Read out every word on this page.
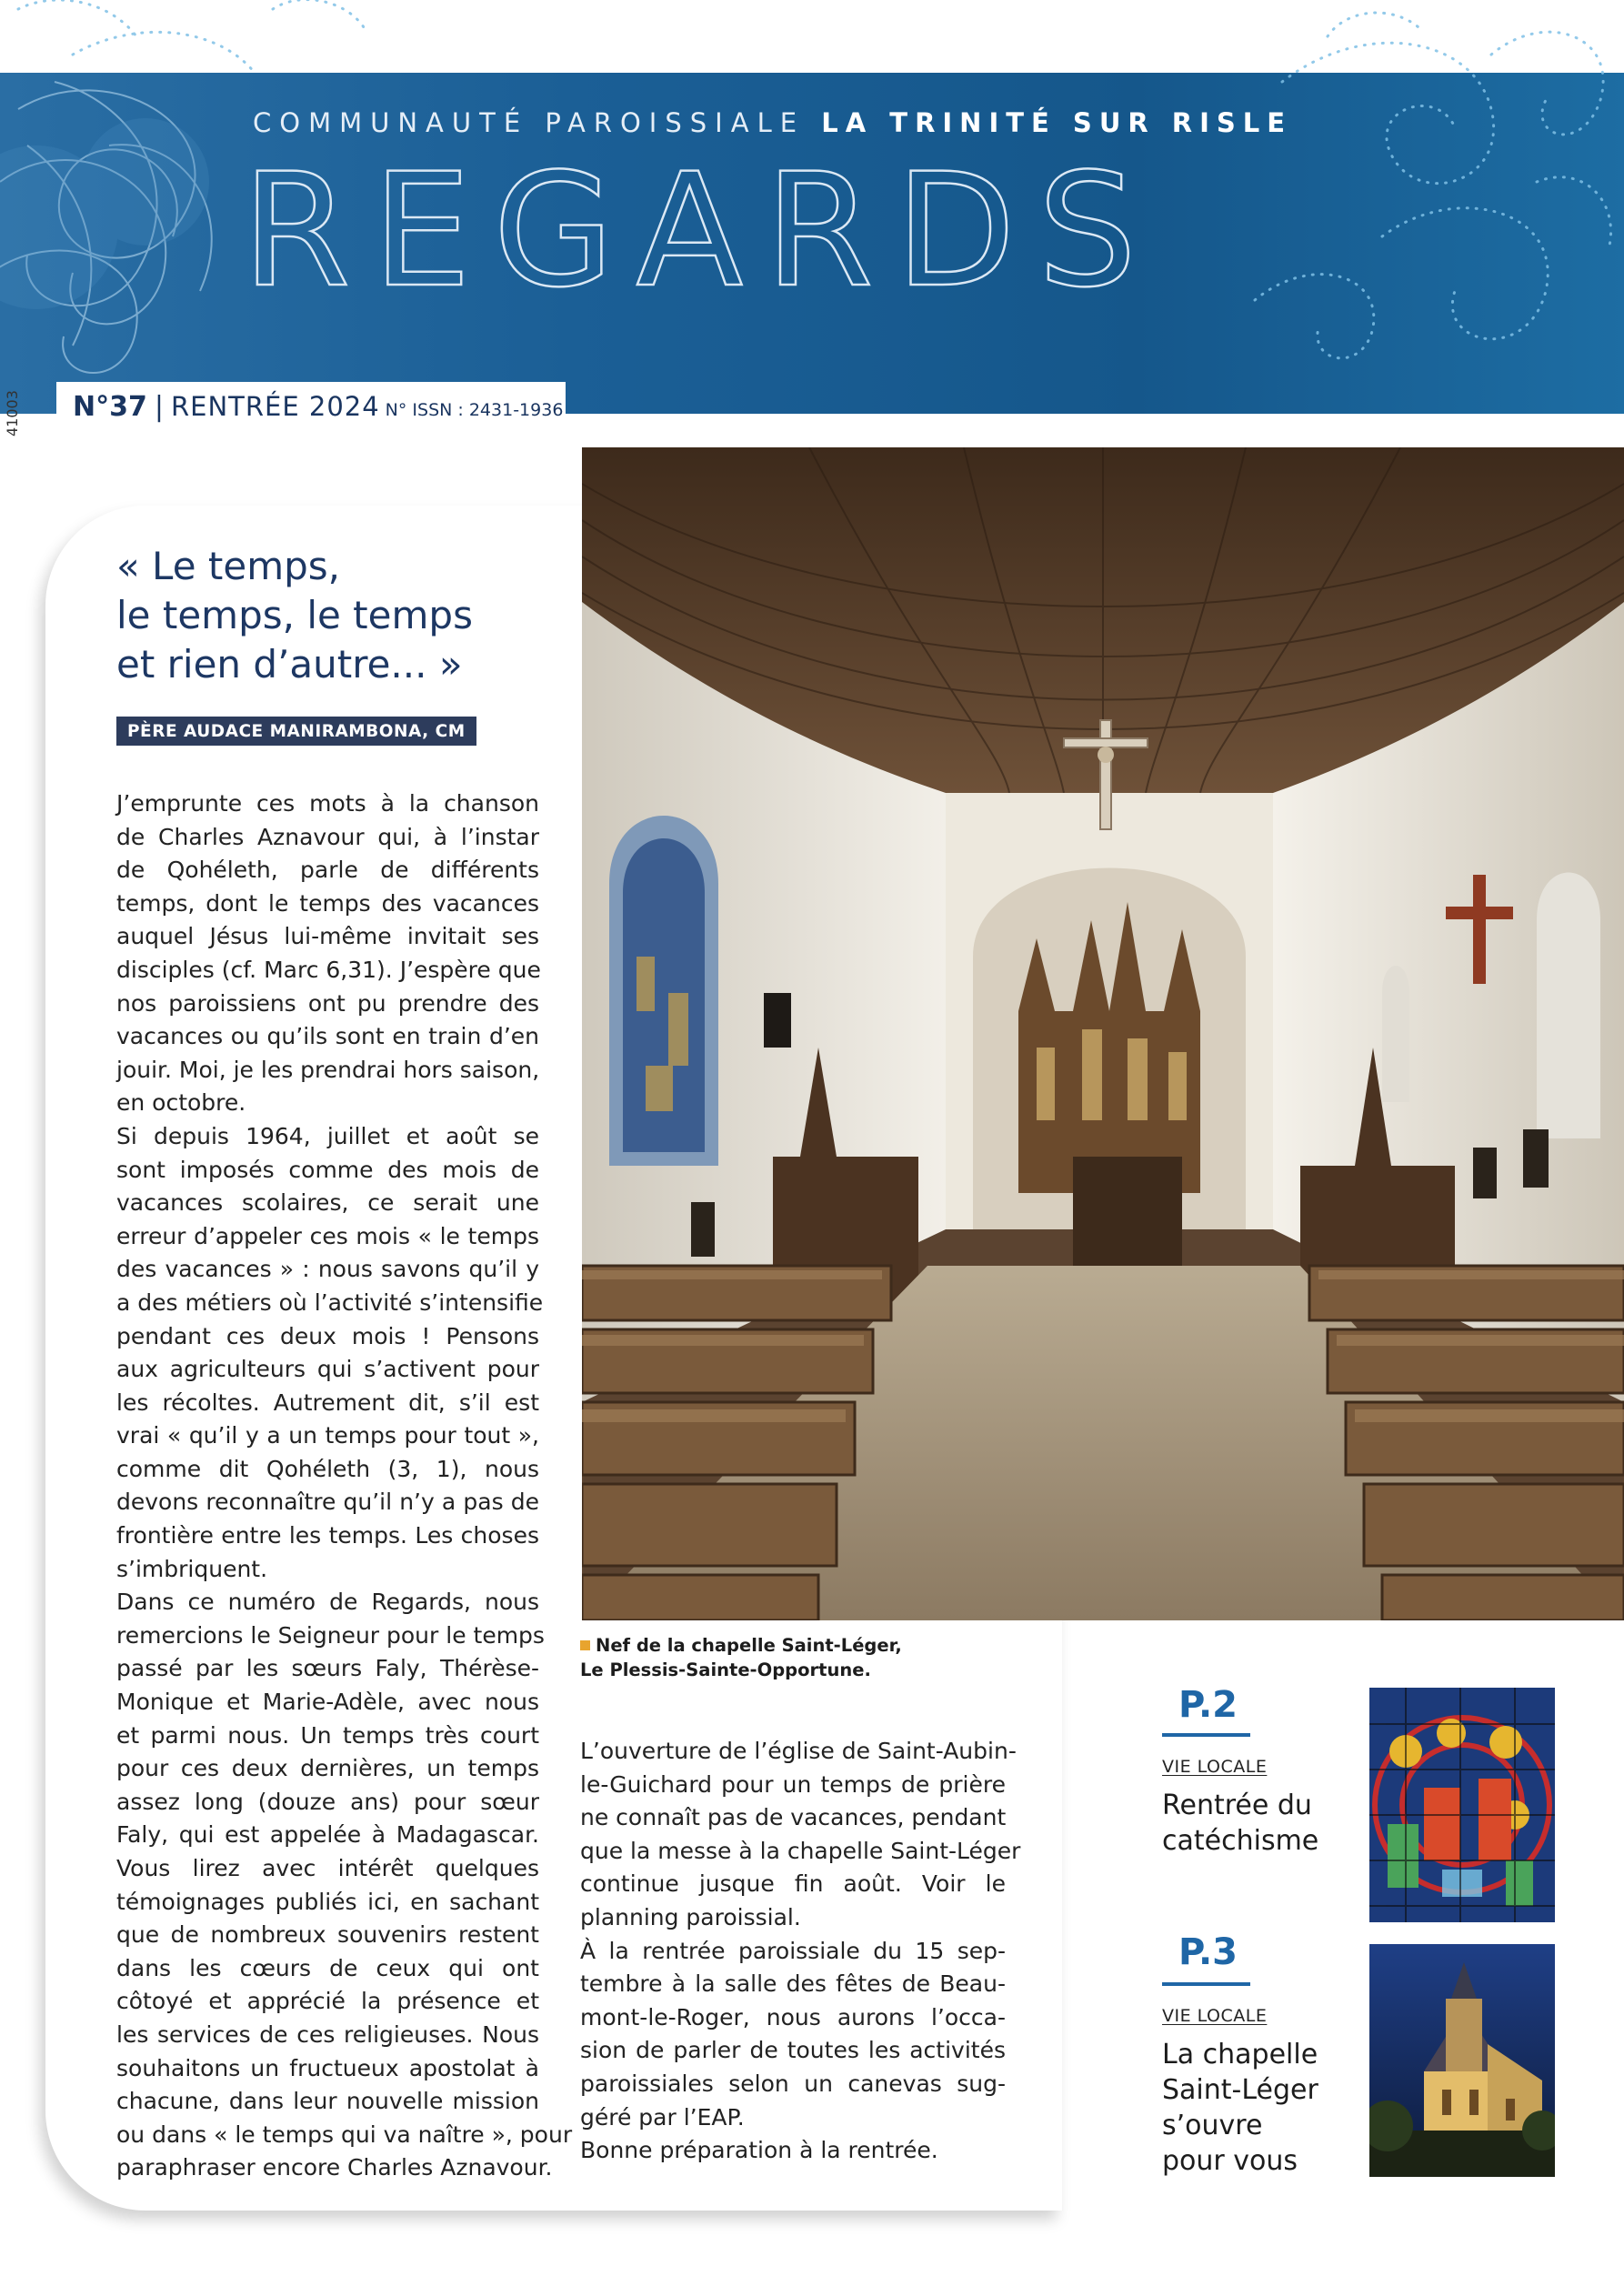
COMMUNAUTÉ PAROISSIALE LA TRINITÉ SUR RISLE
REGARDS
N°37 | RENTRÉE 2024 N° ISSN : 2431-1936
41003
« Le temps,
le temps, le temps
et rien d’autre... »
PÈRE AUDACE MANIRAMBONA, CM

J’emprunte ces mots à la chanson
de Charles Aznavour qui, à l’instar
de Qohéleth, parle de différents
temps, dont le temps des vacances
auquel Jésus lui-même invitait ses
disciples (cf. Marc 6,31). J’espère que
nos paroissiens ont pu prendre des
vacances ou qu’ils sont en train d’en
jouir. Moi, je les prendrai hors saison,
en octobre.

Si depuis 1964, juillet et août se
sont imposés comme des mois de
vacances scolaires, ce serait une
erreur d’appeler ces mois « le temps
des vacances » : nous savons qu’il y
a des métiers où l’activité s’intensifie
pendant ces deux mois ! Pensons
aux agriculteurs qui s’activent pour
les récoltes. Autrement dit, s’il est
vrai « qu’il y a un temps pour tout »,
comme dit Qohéleth (3, 1), nous
devons reconnaître qu’il n’y a pas de
frontière entre les temps. Les choses
s’imbriquent.

Dans ce numéro de Regards, nous
remercions le Seigneur pour le temps
passé par les sœurs Faly, Thérèse-
Monique et Marie-Adèle, avec nous
et parmi nous. Un temps très court
pour ces deux dernières, un temps
assez long (douze ans) pour sœur
Faly, qui est appelée à Madagascar.
Vous lirez avec intérêt quelques
témoignages publiés ici, en sachant
que de nombreux souvenirs restent
dans les cœurs de ceux qui ont
côtoyé et apprécié la présence et
les services de ces religieuses. Nous
souhaitons un fructueux apostolat à
chacune, dans leur nouvelle mission
ou dans « le temps qui va naître », pour
paraphraser encore Charles Aznavour.

Nef de la chapelle Saint-Léger,
Le Plessis-Sainte-Opportune.

L’ouverture de l’église de Saint-Aubin-
le-Guichard pour un temps de prière
ne connaît pas de vacances, pendant
que la messe à la chapelle Saint-Léger
continue jusque fin août. Voir le
planning paroissial.

À la rentrée paroissiale du 15 sep-
tembre à la salle des fêtes de Beau-
mont-le-Roger, nous aurons l’occa-
sion de parler de toutes les activités
paroissiales selon un canevas sug-
géré par l’EAP.

Bonne préparation à la rentrée.

P.2
VIE LOCALE
Rentrée du
catéchisme
P.3
VIE LOCALE
La chapelle
Saint-Léger
s’ouvre
pour vous
